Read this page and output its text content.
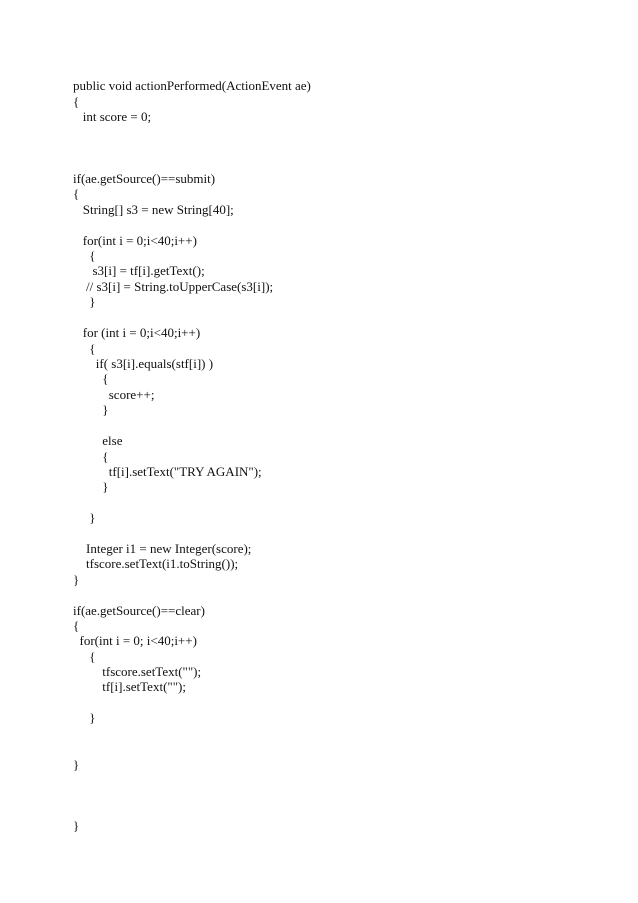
public void actionPerformed(ActionEvent ae)
{
int score = 0;
if(ae.getSource()==submit)
{
String[] s3 = new String[40];
for(int i = 0;i<40;i++)
{
s3[i] = tf[i].getText();
// s3[i] = String.toUpperCase(s3[i]);
}
for (int i = 0;i<40;i++)
{
if( s3[i].equals(stf[i]) )
{
score++;
}
else
{
tf[i].setText("TRY AGAIN");
}
}
Integer i1 = new Integer(score);
tfscore.setText(i1.toString());
}
if(ae.getSource()==clear)
{
for(int i = 0; i<40;i++)
{
tfscore.setText("");
tf[i].setText("");
}
}
}
